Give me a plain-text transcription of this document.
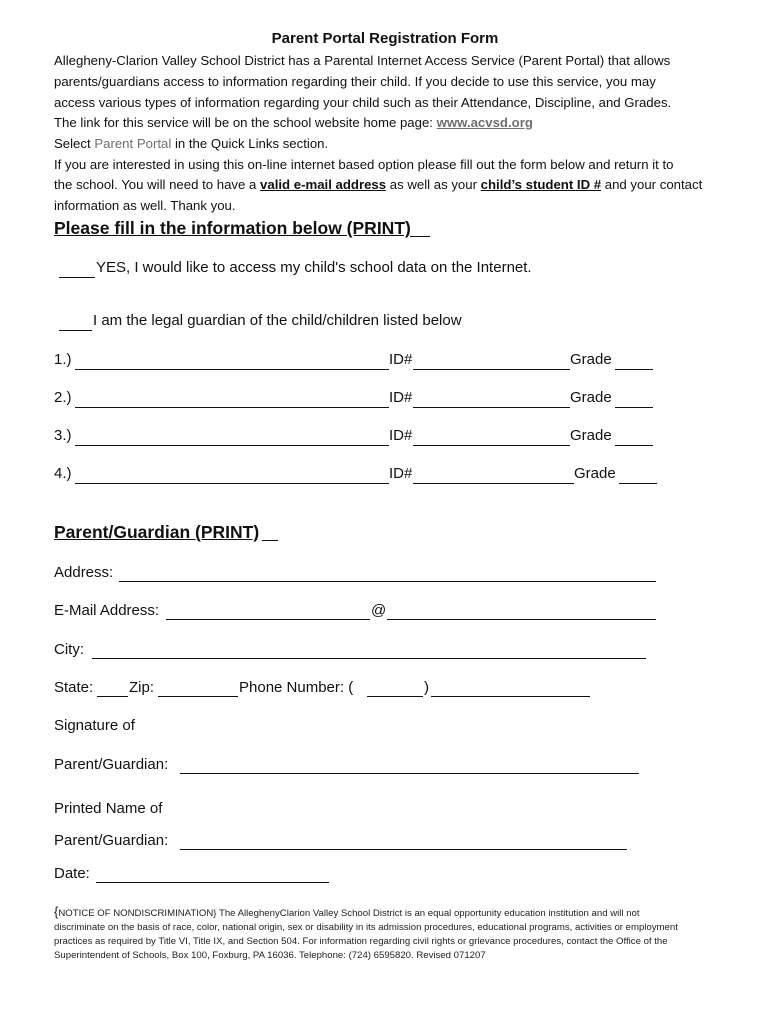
Parent Portal Registration Form
Allegheny-Clarion Valley School District has a Parental Internet Access Service (Parent Portal) that allows
parents/guardians access to information regarding their child. If you decide to use this service, you may
access various types of information regarding your child such as their Attendance, Discipline, and Grades.
The link for this service will be on the school website home page: www.acvsd.org
Select Parent Portal in the Quick Links section.
If you are interested in using this on-line internet based option please fill out the form below and return it to
the school. You will need to have a valid e-mail address as well as your child’s student ID # and your contact
information as well. Thank you.
Please fill in the information below (PRINT)
YES, I would like to access my child's school data on the Internet.
I am the legal guardian of the child/children listed below
1.)	ID#	Grade
2.)	ID#	Grade
3.)	ID#	Grade
4.)	ID#	Grade
Parent/Guardian (PRINT)
Address:
E-Mail Address:	@
City:
State: Zip:	Phone Number: (	)
Signature of
Parent/Guardian:
Printed Name of
Parent/Guardian:
Date:
{NOTICE OF NONDISCRIMINATION} The AlleghenyClarion Valley School District is an equal opportunity education institution and will not
discriminate on the basis of race, color, national origin, sex or disability in its admission procedures, educational programs, activities or employment
practices as required by Title VI, Title IX, and Section 504. For information regarding civil rights or grievance procedures, contact the Office of the
Superintendent of Schools, Box 100, Foxburg, PA 16036. Telephone: (724) 6595820. Revised 071207
